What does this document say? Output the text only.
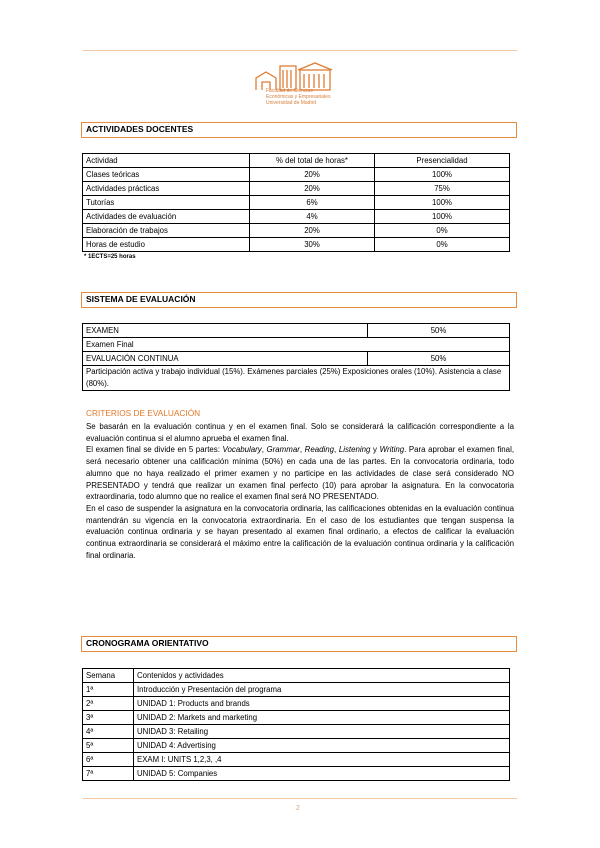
Facultad de Ciencias
Económicas y Empresariales
Universidad de Madrid
ACTIVIDADES DOCENTES
Actividad	% del total de horas*	Presencialidad
Clases teóricas	20%	100%
Actividades prácticas	20%	75%
Tutorías	6%	100%
Actividades de evaluación	4%	100%
Elaboración de trabajos	20%	0%
Horas de estudio	30%	0%
* 1ECTS=25 horas
SISTEMA DE EVALUACIÓN
EXAMEN	50%
Examen Final	
EVALUACIÓN CONTINUA	50%
Participación activa y trabajo individual (15%). Exámenes parciales (25%) Exposiciones orales (10%). Asistencia a clase (80%).	
CRITERIOS DE EVALUACIÓN

Se basarán en la evaluación continua y en el examen final. Solo se considerará la calificación correspondiente a la evaluación continua si el alumno aprueba el examen final.

El examen final se divide en 5 partes: Vocabulary, Grammar, Reading, Listening y Writing. Para aprobar el examen final, será necesario obtener una calificación mínima (50%) en cada una de las partes. En la convocatoria ordinaria, todo alumno que no haya realizado el primer examen y no participe en las actividades de clase será considerado NO PRESENTADO y tendrá que realizar un examen final perfecto (10) para aprobar la asignatura. En la convocatoria extraordinaria, todo alumno que no realice el examen final será NO PRESENTADO.

En el caso de suspender la asignatura en la convocatoria ordinaria, las calificaciones obtenidas en la evaluación continua mantendrán su vigencia en la convocatoria extraordinaria. En el caso de los estudiantes que tengan suspensa la evaluación continua ordinaria y se hayan presentado al examen final ordinario, a efectos de calificar la evaluación continua extraordinaria se considerará el máximo entre la calificación de la evaluación continua ordinaria y la calificación final ordinaria.

CRONOGRAMA ORIENTATIVO
Semana	Contenidos y actividades
1ª	Introducción y Presentación del programa
2ª	UNIDAD 1: Products and brands
3ª	UNIDAD 2: Markets and marketing
4ª	UNIDAD 3: Retailing
5ª	UNIDAD 4: Advertising
6ª	EXAM I: UNITS 1,2,3, ,4
7ª	UNIDAD 5: Companies
2
